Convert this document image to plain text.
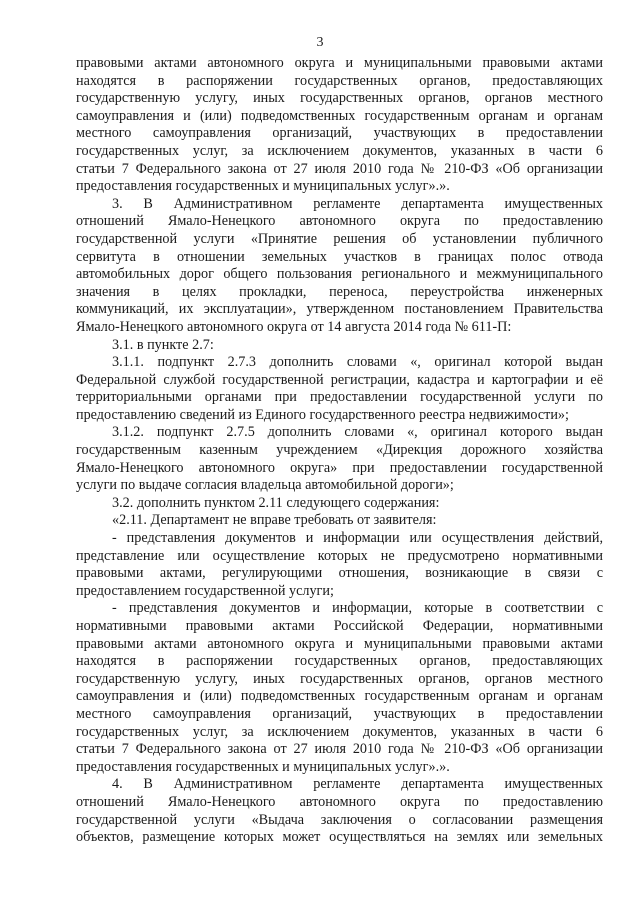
3
правовыми актами автономного округа и муниципальными правовыми актами
находятся в распоряжении государственных органов, предоставляющих
государственную услугу, иных государственных органов, органов местного
самоуправления и (или) подведомственных государственным органам и органам
местного самоуправления организаций, участвующих в предоставлении
государственных услуг, за исключением документов, указанных в части 6
статьи 7 Федерального закона от 27 июля 2010 года № 210-ФЗ «Об организации
предоставления государственных и муниципальных услуг».».
3. В Административном регламенте департамента имущественных
отношений Ямало-Ненецкого автономного округа по предоставлению
государственной услуги «Принятие решения об установлении публичного
сервитута в отношении земельных участков в границах полос отвода
автомобильных дорог общего пользования регионального и межмуниципального
значения в целях прокладки, переноса, переустройства инженерных
коммуникаций, их эксплуатации», утвержденном постановлением Правительства
Ямало-Ненецкого автономного округа от 14 августа 2014 года № 611-П:
3.1. в пункте 2.7:
3.1.1. подпункт 2.7.3 дополнить словами «, оригинал которой выдан
Федеральной службой государственной регистрации, кадастра и картографии и её
территориальными органами при предоставлении государственной услуги по
предоставлению сведений из Единого государственного реестра недвижимости»;
3.1.2. подпункт 2.7.5 дополнить словами «, оригинал которого выдан
государственным казенным учреждением «Дирекция дорожного хозяйства
Ямало-Ненецкого автономного округа» при предоставлении государственной
услуги по выдаче согласия владельца автомобильной дороги»;
3.2. дополнить пунктом 2.11 следующего содержания:
«2.11. Департамент не вправе требовать от заявителя:
- представления документов и информации или осуществления действий,
представление или осуществление которых не предусмотрено нормативными
правовыми актами, регулирующими отношения, возникающие в связи с
предоставлением государственной услуги;
- представления документов и информации, которые в соответствии с
нормативными правовыми актами Российской Федерации, нормативными
правовыми актами автономного округа и муниципальными правовыми актами
находятся в распоряжении государственных органов, предоставляющих
государственную услугу, иных государственных органов, органов местного
самоуправления и (или) подведомственных государственным органам и органам
местного самоуправления организаций, участвующих в предоставлении
государственных услуг, за исключением документов, указанных в части 6
статьи 7 Федерального закона от 27 июля 2010 года № 210-ФЗ «Об организации
предоставления государственных и муниципальных услуг».».
4. В Административном регламенте департамента имущественных
отношений Ямало-Ненецкого автономного округа по предоставлению
государственной услуги «Выдача заключения о согласовании размещения
объектов, размещение которых может осуществляться на землях или земельных
